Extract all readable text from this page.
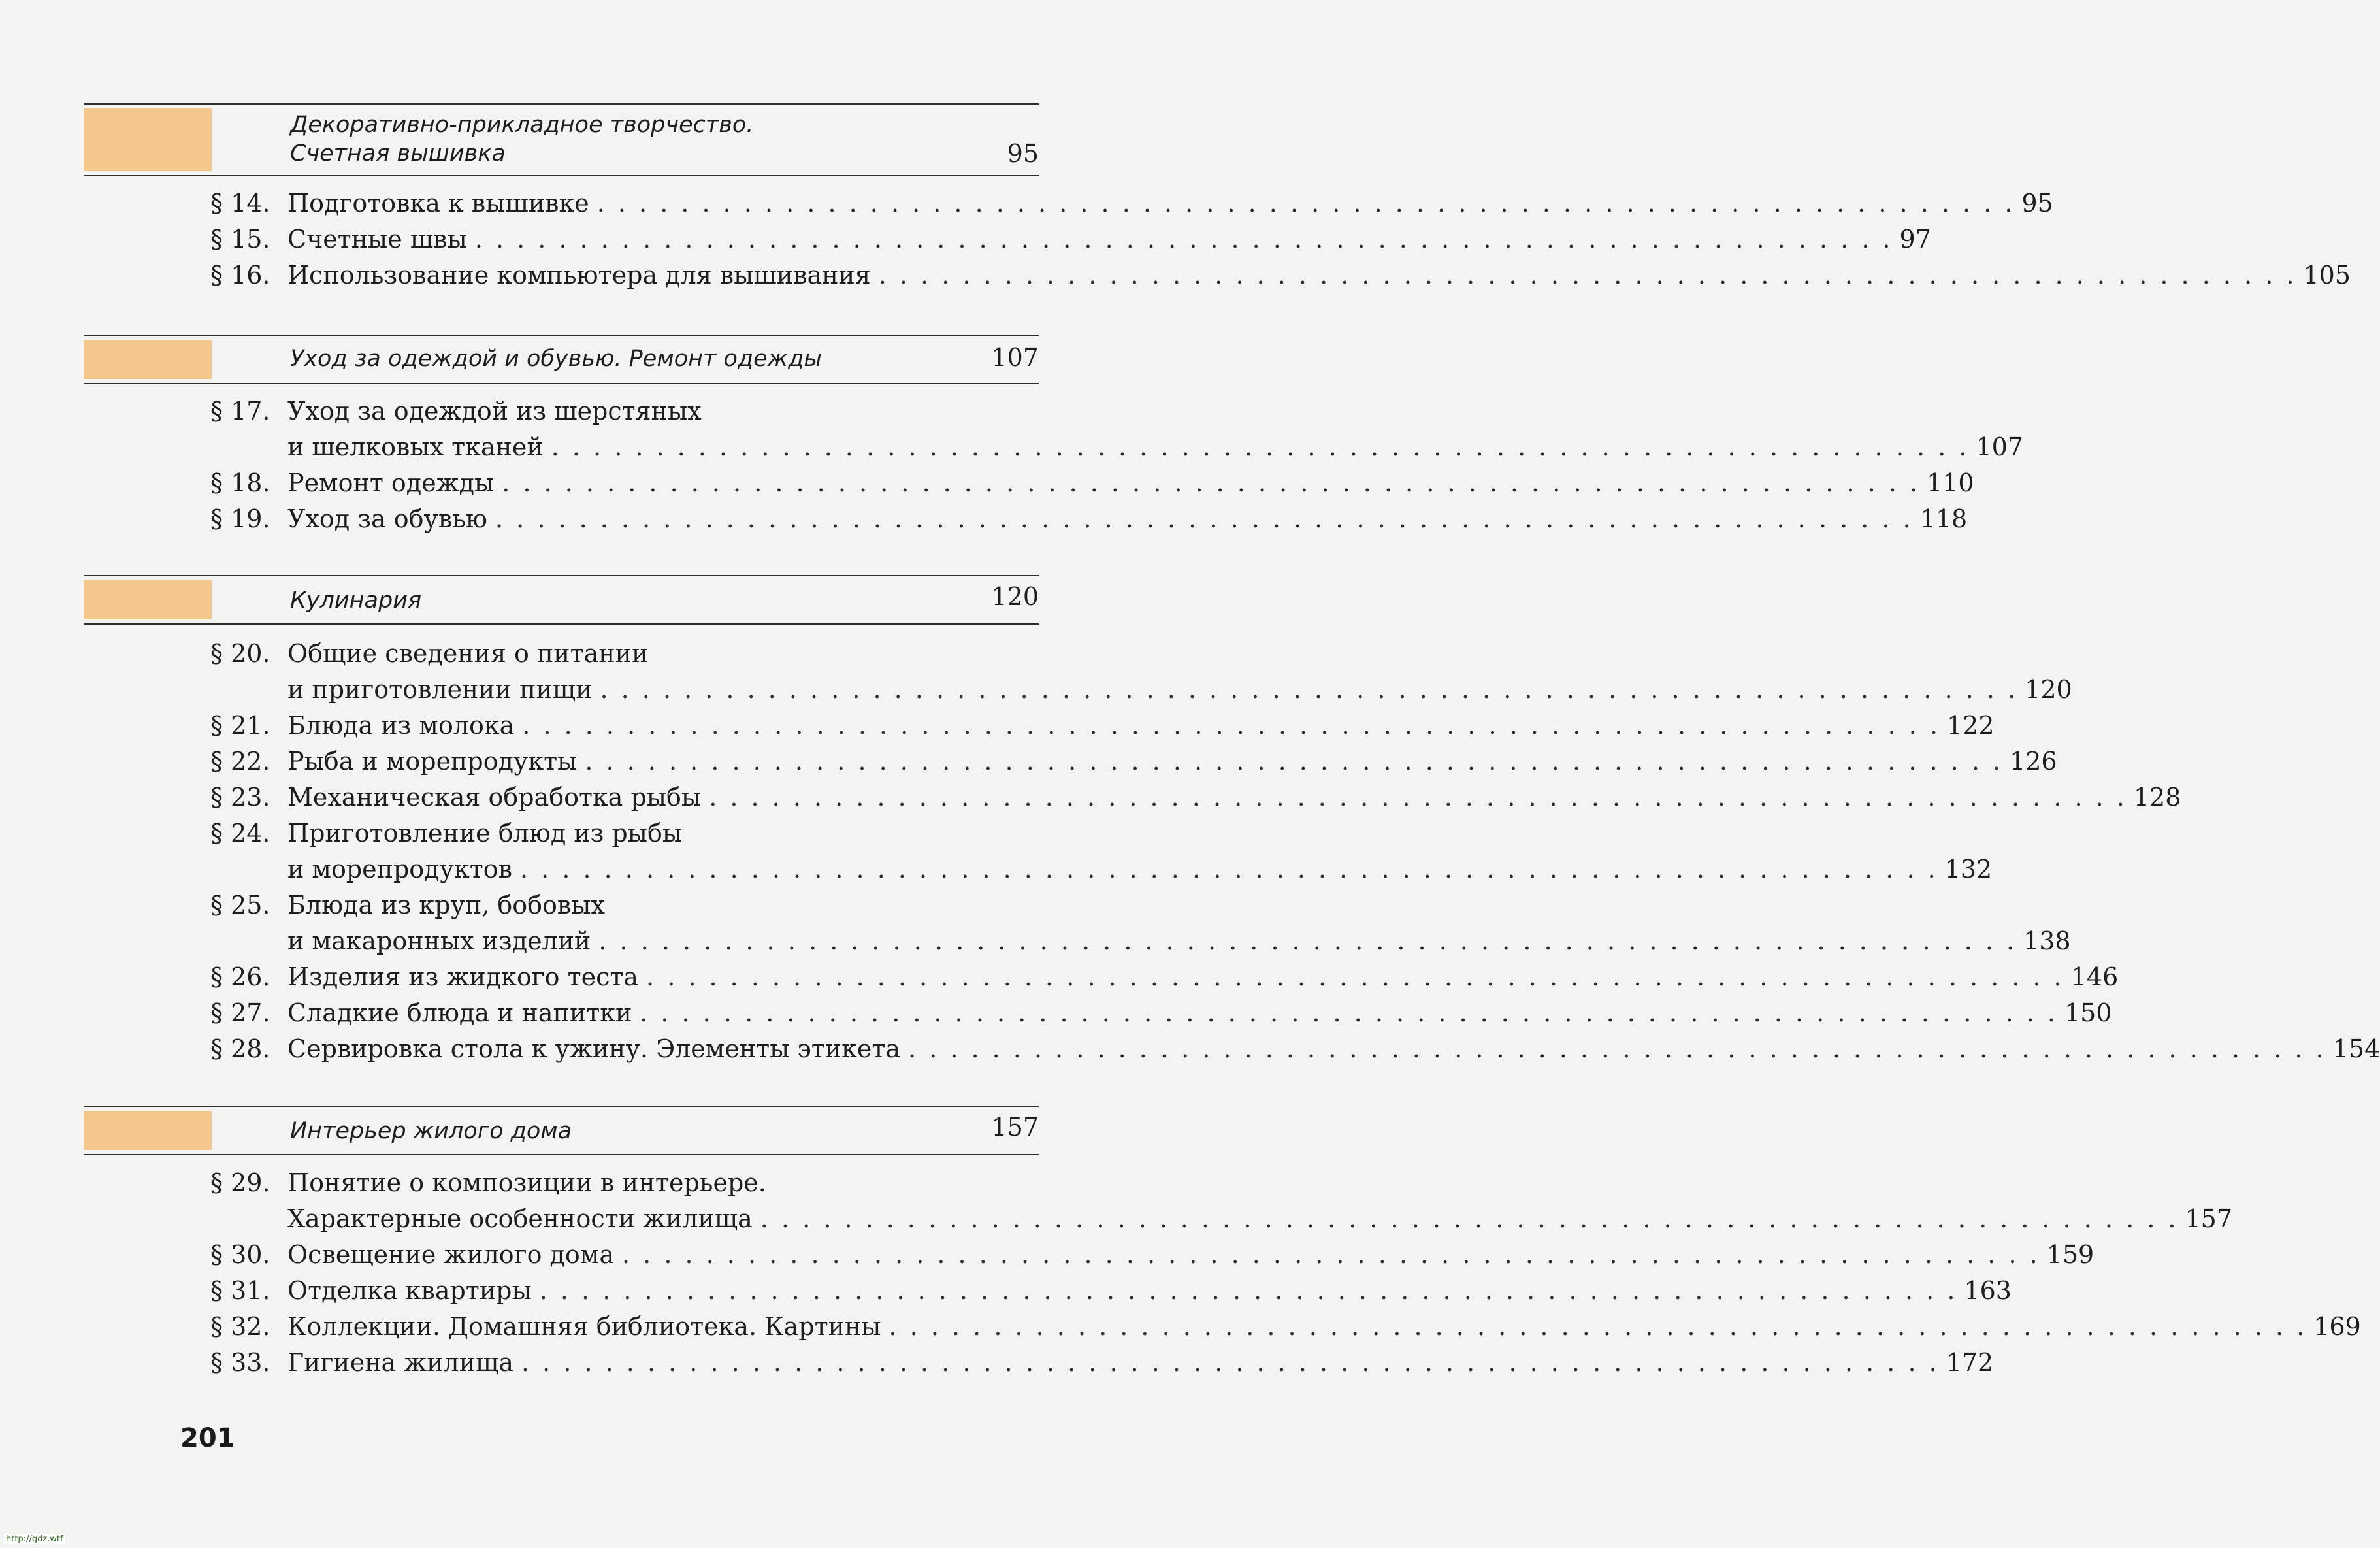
Декоративно-прикладное творчество.
Счетная вышивка	95
§ 14. Подготовка к вышивке . . . . . . . . . . . . . . . . . . . . . . . . . . . . . . . . . . . . . . . . . . . . . . . . . . . . . . . . . . . . . . . . . . . . 95
§ 15. Счетные швы . . . . . . . . . . . . . . . . . . . . . . . . . . . . . . . . . . . . . . . . . . . . . . . . . . . . . . . . . . . . . . . . . . . . 97
§ 16. Использование компьютера для вышивания . . . . . . . . . . . . . . . . . . . . . . . . . . . . . . . . . . . . . . . . . . . . . . . . . . . . . . . . . . . . . . . . . . . . 105
Уход за одеждой и обувью. Ремонт одежды	107
§ 17. Уход за одеждой из шерстяных
и шелковых тканей . . . . . . . . . . . . . . . . . . . . . . . . . . . . . . . . . . . . . . . . . . . . . . . . . . . . . . . . . . . . . . . . . . . . 107
§ 18. Ремонт одежды . . . . . . . . . . . . . . . . . . . . . . . . . . . . . . . . . . . . . . . . . . . . . . . . . . . . . . . . . . . . . . . . . . . . 110
§ 19. Уход за обувью . . . . . . . . . . . . . . . . . . . . . . . . . . . . . . . . . . . . . . . . . . . . . . . . . . . . . . . . . . . . . . . . . . . . 118
Кулинария	120
§ 20. Общие сведения о питании
и приготовлении пищи . . . . . . . . . . . . . . . . . . . . . . . . . . . . . . . . . . . . . . . . . . . . . . . . . . . . . . . . . . . . . . . . . . . . 120
§ 21. Блюда из молока . . . . . . . . . . . . . . . . . . . . . . . . . . . . . . . . . . . . . . . . . . . . . . . . . . . . . . . . . . . . . . . . . . . . 122
§ 22. Рыба и морепродукты . . . . . . . . . . . . . . . . . . . . . . . . . . . . . . . . . . . . . . . . . . . . . . . . . . . . . . . . . . . . . . . . . . . . 126
§ 23. Механическая обработка рыбы . . . . . . . . . . . . . . . . . . . . . . . . . . . . . . . . . . . . . . . . . . . . . . . . . . . . . . . . . . . . . . . . . . . . 128
§ 24. Приготовление блюд из рыбы
и морепродуктов . . . . . . . . . . . . . . . . . . . . . . . . . . . . . . . . . . . . . . . . . . . . . . . . . . . . . . . . . . . . . . . . . . . . 132
§ 25. Блюда из круп, бобовых
и макаронных изделий . . . . . . . . . . . . . . . . . . . . . . . . . . . . . . . . . . . . . . . . . . . . . . . . . . . . . . . . . . . . . . . . . . . . 138
§ 26. Изделия из жидкого теста . . . . . . . . . . . . . . . . . . . . . . . . . . . . . . . . . . . . . . . . . . . . . . . . . . . . . . . . . . . . . . . . . . . . 146
§ 27. Сладкие блюда и напитки . . . . . . . . . . . . . . . . . . . . . . . . . . . . . . . . . . . . . . . . . . . . . . . . . . . . . . . . . . . . . . . . . . . . 150
§ 28. Сервировка стола к ужину. Элементы этикета . . . . . . . . . . . . . . . . . . . . . . . . . . . . . . . . . . . . . . . . . . . . . . . . . . . . . . . . . . . . . . . . . . . . 154
Интерьер жилого дома	157
§ 29. Понятие о композиции в интерьере.
Характерные особенности жилища . . . . . . . . . . . . . . . . . . . . . . . . . . . . . . . . . . . . . . . . . . . . . . . . . . . . . . . . . . . . . . . . . . . . 157
§ 30. Освещение жилого дома . . . . . . . . . . . . . . . . . . . . . . . . . . . . . . . . . . . . . . . . . . . . . . . . . . . . . . . . . . . . . . . . . . . . 159
§ 31. Отделка квартиры . . . . . . . . . . . . . . . . . . . . . . . . . . . . . . . . . . . . . . . . . . . . . . . . . . . . . . . . . . . . . . . . . . . . 163
§ 32. Коллекции. Домашняя библиотека. Картины . . . . . . . . . . . . . . . . . . . . . . . . . . . . . . . . . . . . . . . . . . . . . . . . . . . . . . . . . . . . . . . . . . . . 169
§ 33. Гигиена жилища . . . . . . . . . . . . . . . . . . . . . . . . . . . . . . . . . . . . . . . . . . . . . . . . . . . . . . . . . . . . . . . . . . . . 172
201
http://gdz.wtf
